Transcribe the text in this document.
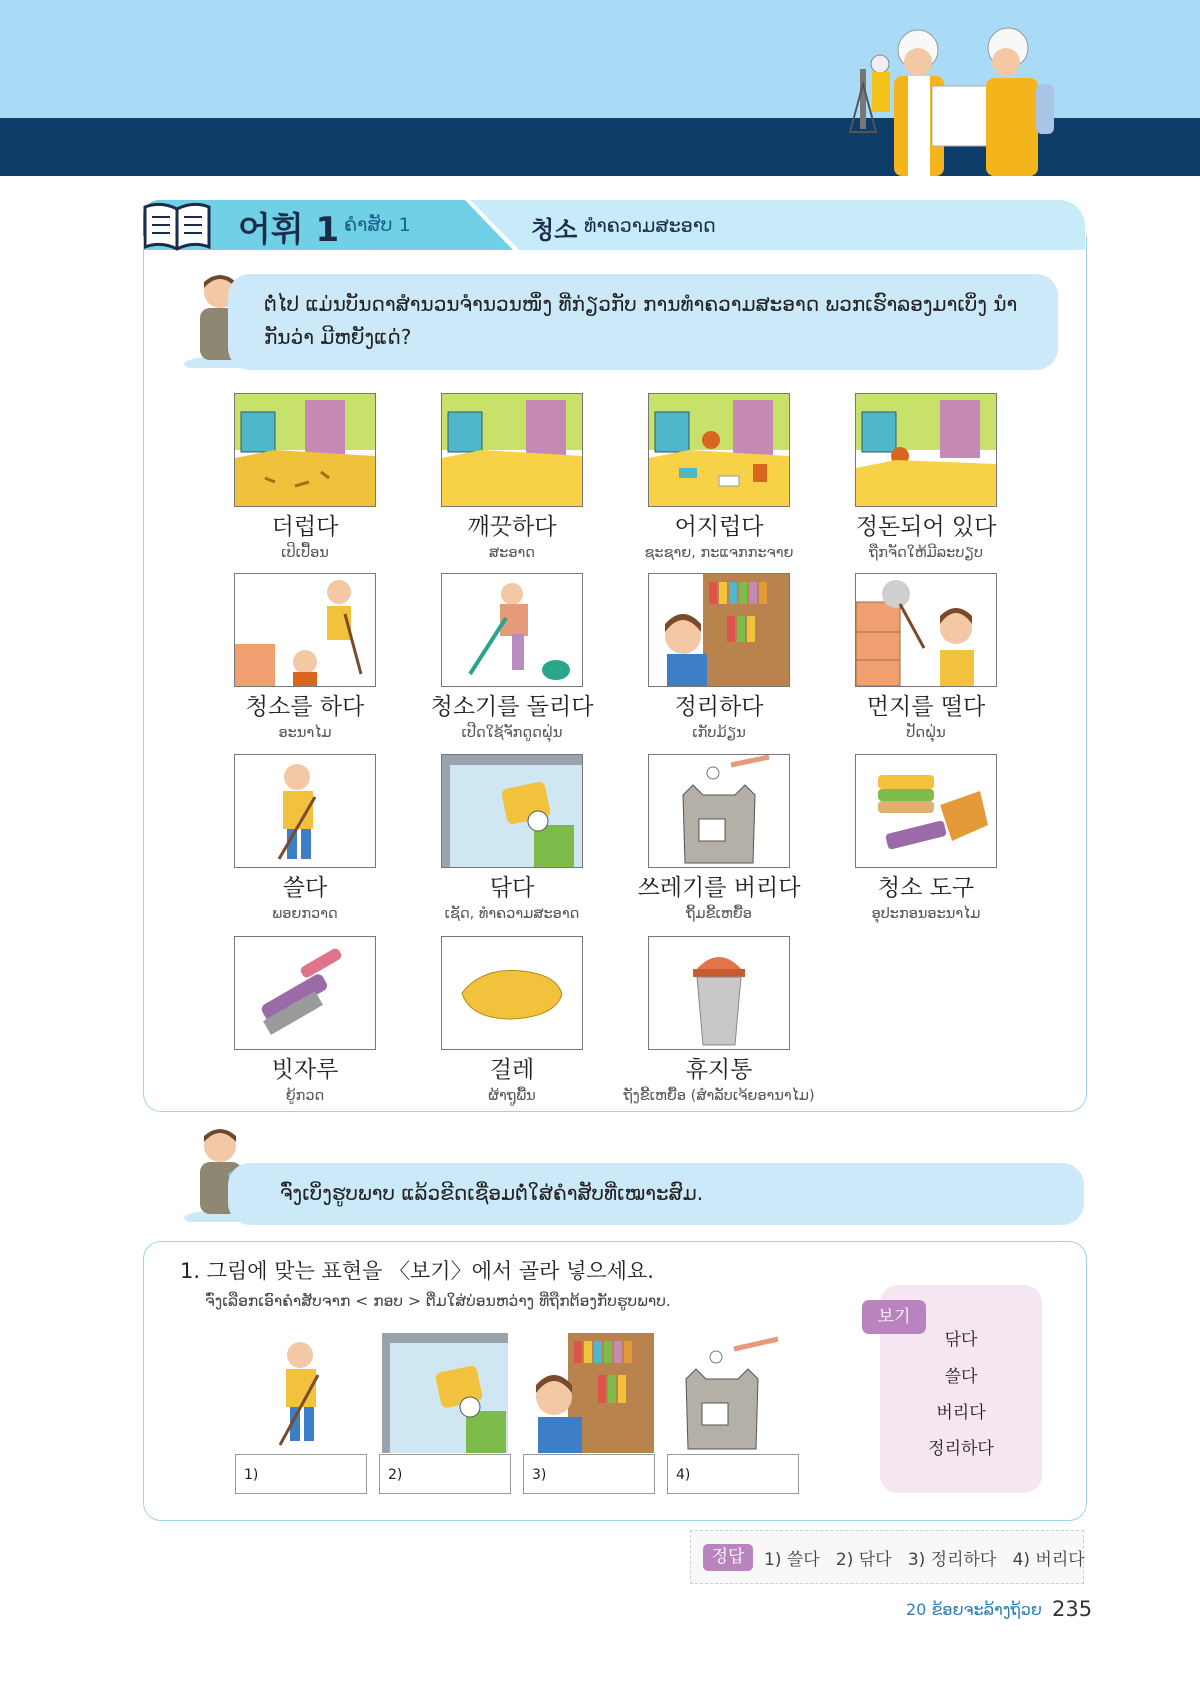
어휘 1 ຄຳສັບ 1	청소 ທຳຄວາມສະອາດ
ຕໍ່ໄປ ແມ່ນບັນດາສຳນວນຈຳນວນໜຶ່ງ ທີ່ກ່ຽວກັບ ການທຳຄວາມສະອາດ ພວກເຮົາລອງມາເບິ່ງ ນຳກັນວ່າ ມີຫຍັງແດ່?
더럽다
ເປິເປື້ອນ
깨끗하다
ສະອາດ
어지럽다
ຊະຊາຍ, ກະແຈກກະຈາຍ
정돈되어 있다
ຖືກຈັດໃຫ້ມີລະບຽບ
청소를 하다
ອະນາໄມ
청소기를 돌리다
ເປີດໃຊ້ຈັກດູດຝຸ່ນ
정리하다
ເກັບມ້ຽນ
먼지를 떨다
ປັດຝຸ່ນ
쓸다
ພອຍກວາດ
닦다
ເຊັດ, ທຳຄວາມສະອາດ
쓰레기를 버리다
ຖິ້ມຂີ້ເຫຍື້ອ
청소 도구
ອຸປະກອນອະນາໄມ
빗자루
ຍູ້ກວດ
걸레
ຜ້າຖູພື້ນ
휴지통
ຖັງຂີ້ເຫຍື້ອ (ສຳລັບເຈ້ຍອານາໄມ)
ຈົ່ງເບິ່ງຮູບພາບ ແລ້ວຂີດເຊື່ອມຕໍ່ໃສ່ຄຳສັບທີ່ເໝາະສົມ.
1. 그림에 맞는 표현을 〈보기〉에서 골라 넣으세요.
ຈົ່ງເລືອກເອົາຄຳສັບຈາກ < ກອບ > ຕື່ມໃສ່ບ່ອນຫວ່າງ ທີ່ຖືກຕ້ອງກັບຮູບພາບ.
1)	2)	3)	4)
보기
닦다
쓸다
버리다
정리하다
정답	1) 쓸다   2) 닦다   3) 정리하다   4) 버리다
20 ຂ້ອຍຈະລ້າງຖ້ວຍ 235
